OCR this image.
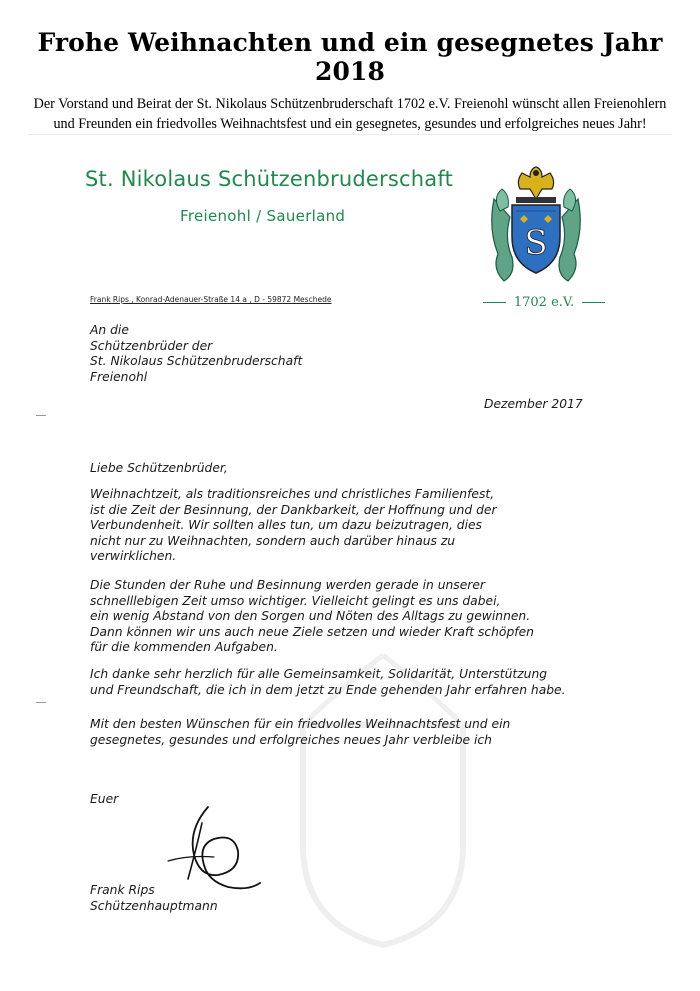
Frohe Weihnachten und ein gesegnetes Jahr 2018
Der Vorstand und Beirat der St. Nikolaus Schützenbruderschaft 1702 e.V. Freienohl wünscht allen Freienohlern
und Freunden ein friedvolles Weihnachtsfest und ein gesegnetes, gesundes und erfolgreiches neues Jahr!
St. Nikolaus Schützenbruderschaft
Freienohl / Sauerland
S
1702 e.V.
Frank Rips , Konrad-Adenauer-Straße 14 a , D - 59872 Meschede
An die
Schützenbrüder der
St. Nikolaus Schützenbruderschaft
Freienohl
Dezember 2017
Liebe Schützenbrüder,
Weihnachtzeit, als traditionsreiches und christliches Familienfest,
ist die Zeit der Besinnung, der Dankbarkeit, der Hoffnung und der
Verbundenheit. Wir sollten alles tun, um dazu beizutragen, dies
nicht nur zu Weihnachten, sondern auch darüber hinaus zu
verwirklichen.
Die Stunden der Ruhe und Besinnung werden gerade in unserer
schnelllebigen Zeit umso wichtiger. Vielleicht gelingt es uns dabei,
ein wenig Abstand von den Sorgen und Nöten des Alltags zu gewinnen.
Dann können wir uns auch neue Ziele setzen und wieder Kraft schöpfen
für die kommenden Aufgaben.
Ich danke sehr herzlich für alle Gemeinsamkeit, Solidarität, Unterstützung
und Freundschaft, die ich in dem jetzt zu Ende gehenden Jahr erfahren habe.
Mit den besten Wünschen für ein friedvolles Weihnachtsfest und ein
gesegnetes, gesundes und erfolgreiches neues Jahr verbleibe ich
Euer
Frank Rips
Schützenhauptmann
